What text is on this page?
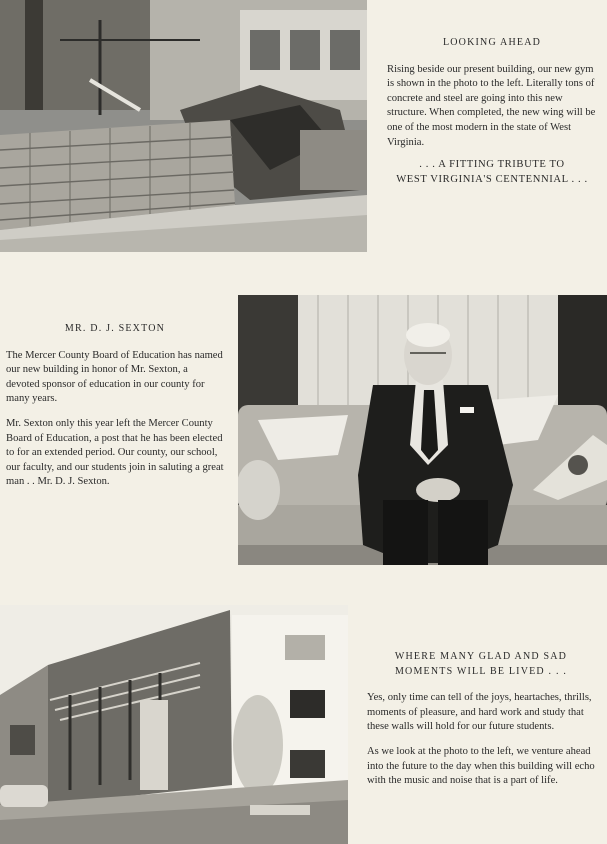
LOOKING AHEAD

Rising beside our present building, our new gym is shown in the photo to the left. Literally tons of concrete and steel are going into this new structure. When completed, the new wing will be one of the most modern in the state of West Virginia.

. . . A FITTING TRIBUTE TO
WEST VIRGINIA'S CENTENNIAL . . .
MR. D. J. SEXTON

The Mercer County Board of Education has named our new building in honor of Mr. Sexton, a devoted sponsor of education in our county for many years.

Mr. Sexton only this year left the Mercer County Board of Education, a post that he has been elected to for an extended period. Our county, our school, our faculty, and our students join in saluting a great man . . Mr. D. J. Sexton.

WHERE MANY GLAD AND SAD
MOMENTS WILL BE LIVED . . .

Yes, only time can tell of the joys, heartaches, thrills, moments of pleasure, and hard work and study that these walls will hold for our future students.

As we look at the photo to the left, we venture ahead into the future to the day when this building will echo with the music and noise that is a part of life.
